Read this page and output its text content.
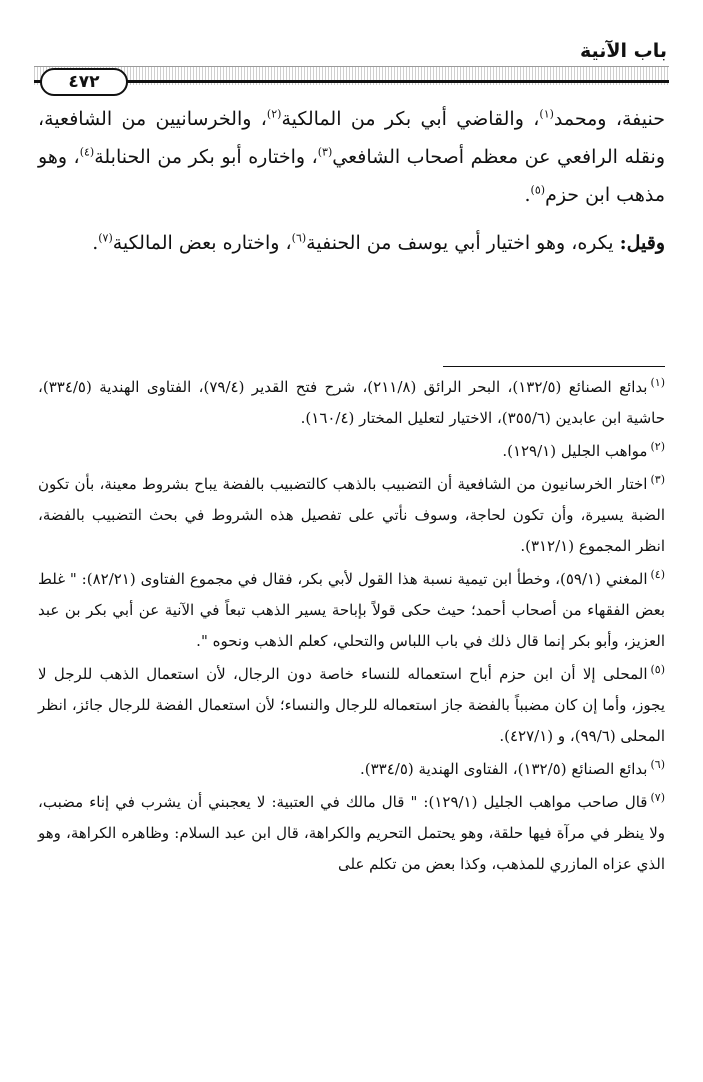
باب الآنية
٤٧٢

حنيفة، ومحمد$^{(١)}$، والقاضي أبي بكر من المالكية$^{(٢)}$، والخرسانيين من الشافعية، ونقله الرافعي عن معظم أصحاب الشافعي$^{(٣)}$، واختاره أبو بكر من الحنابلة$^{(٤)}$، وهو مذهب ابن حزم$^{(٥)}$.

وقيل: يكره، وهو اختيار أبي يوسف من الحنفية$^{(٦)}$، واختاره بعض المالكية$^{(٧)}$.

$^{(١)}$بدائع الصنائع (١٣٢/٥)، البحر الرائق (٢١١/٨)، شرح فتح القدير (٧٩/٤)، الفتاوى الهندية (٣٣٤/٥)، حاشية ابن عابدين (٣٥٥/٦)، الاختيار لتعليل المختار (١٦٠/٤).

$^{(٢)}$مواهب الجليل (١٢٩/١).

$^{(٣)}$اختار الخرسانيون من الشافعية أن التضبيب بالذهب كالتضبيب بالفضة يباح بشروط معينة، بأن تكون الضبة يسيرة، وأن تكون لحاجة، وسوف نأتي على تفصيل هذه الشروط في بحث التضبيب بالفضة، انظر المجموع (٣١٢/١).

$^{(٤)}$المغني (٥٩/١)، وخطأ ابن تيمية نسبة هذا القول لأبي بكر، فقال في مجموع الفتاوى (٨٢/٢١): " غلط بعض الفقهاء من أصحاب أحمد؛ حيث حكى قولاً بإباحة يسير الذهب تبعاً في الآنية عن أبي بكر بن عبد العزيز، وأبو بكر إنما قال ذلك في باب اللباس والتحلي، كعلم الذهب ونحوه ".

$^{(٥)}$المحلى إلا أن ابن حزم أباح استعماله للنساء خاصة دون الرجال، لأن استعمال الذهب للرجل لا يجوز، وأما إن كان مضبباً بالفضة جاز استعماله للرجال والنساء؛ لأن استعمال الفضة للرجال جائز، انظر المحلى (٩٩/٦)، و (٤٢٧/١).

$^{(٦)}$بدائع الصنائع (١٣٢/٥)، الفتاوى الهندية (٣٣٤/٥).

$^{(٧)}$قال صاحب مواهب الجليل (١٢٩/١): " قال مالك في العتبية: لا يعجبني أن يشرب في إناء مضبب، ولا ينظر في مرآة فيها حلقة، وهو يحتمل التحريم والكراهة، قال ابن عبد السلام: وظاهره الكراهة، وهو الذي عزاه المازري للمذهب، وكذا بعض من تكلم على
